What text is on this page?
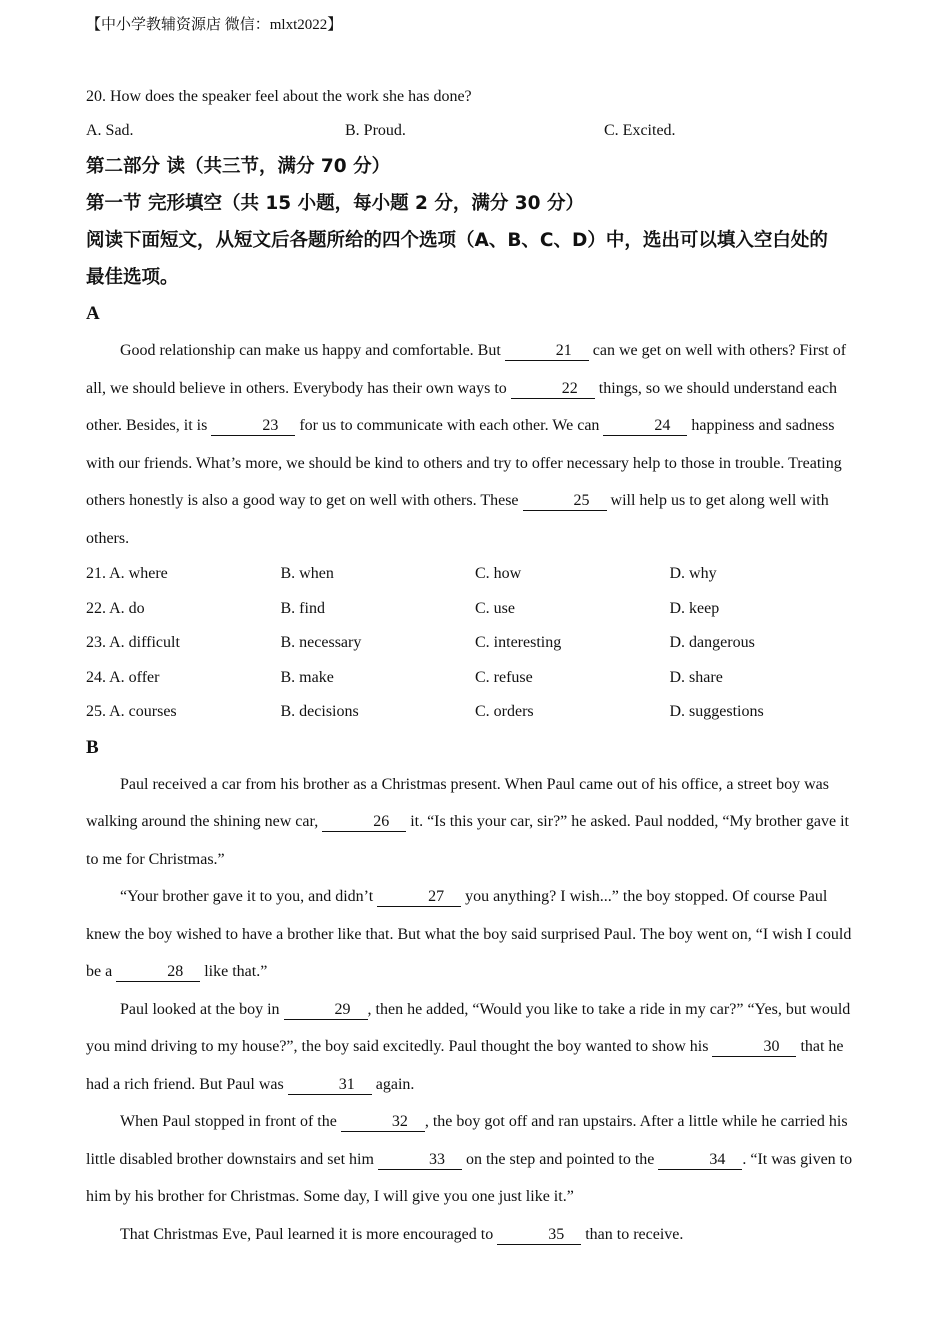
【中小学教辅资源店 微信：mlxt2022】

20. How does the speaker feel about the work she has done?

A. Sad.	B. Proud.	C. Excited.

第二部分 读（共三节，满分 70 分）

第一节 完形填空（共 15 小题，每小题 2 分，满分 30 分）

阅读下面短文，从短文后各题所给的四个选项（A、B、C、D）中，选出可以填入空白处的

最佳选项。

A

Good relationship can make us happy and comfortable. But	21 can we get on well with others? First of all, we should believe in others. Everybody has their own ways to	22 things, so we should understand each other. Besides, it is	23 for us to communicate with each other. We can	24 happiness and sadness with our friends. What’s more, we should be kind to others and try to offer necessary help to those in trouble. Treating others honestly is also a good way to get on well with others. These	25 will help us to get along well with others.

21. A. where	B. when	C. how	D. why
22. A. do	B. find	C. use	D. keep
23. A. difficult	B. necessary	C. interesting	D. dangerous
24. A. offer	B. make	C. refuse	D. share
25. A. courses	B. decisions	C. orders	D. suggestions

B

Paul received a car from his brother as a Christmas present. When Paul came out of his office, a street boy was walking around the shining new car,	26 it. “Is this your car, sir?” he asked. Paul nodded, “My brother gave it to me for Christmas.”

“Your brother gave it to you, and didn’t	27 you anything? I wish...” the boy stopped. Of course Paul knew the boy wished to have a brother like that. But what the boy said surprised Paul. The boy went on, “I wish I could be a	28 like that.”

Paul looked at the boy in	29 , then he added, “Would you like to take a ride in my car?” “Yes, but would you mind driving to my house?”, the boy said excitedly. Paul thought the boy wanted to show his	30 that he had a rich friend. But Paul was	31 again.

When Paul stopped in front of the	32 , the boy got off and ran upstairs. After a little while he carried his little disabled brother downstairs and set him	33 on the step and pointed to the	34 . “It was given to him by his brother for Christmas. Some day, I will give you one just like it.”

That Christmas Eve, Paul learned it is more encouraged to	35 than to receive.
